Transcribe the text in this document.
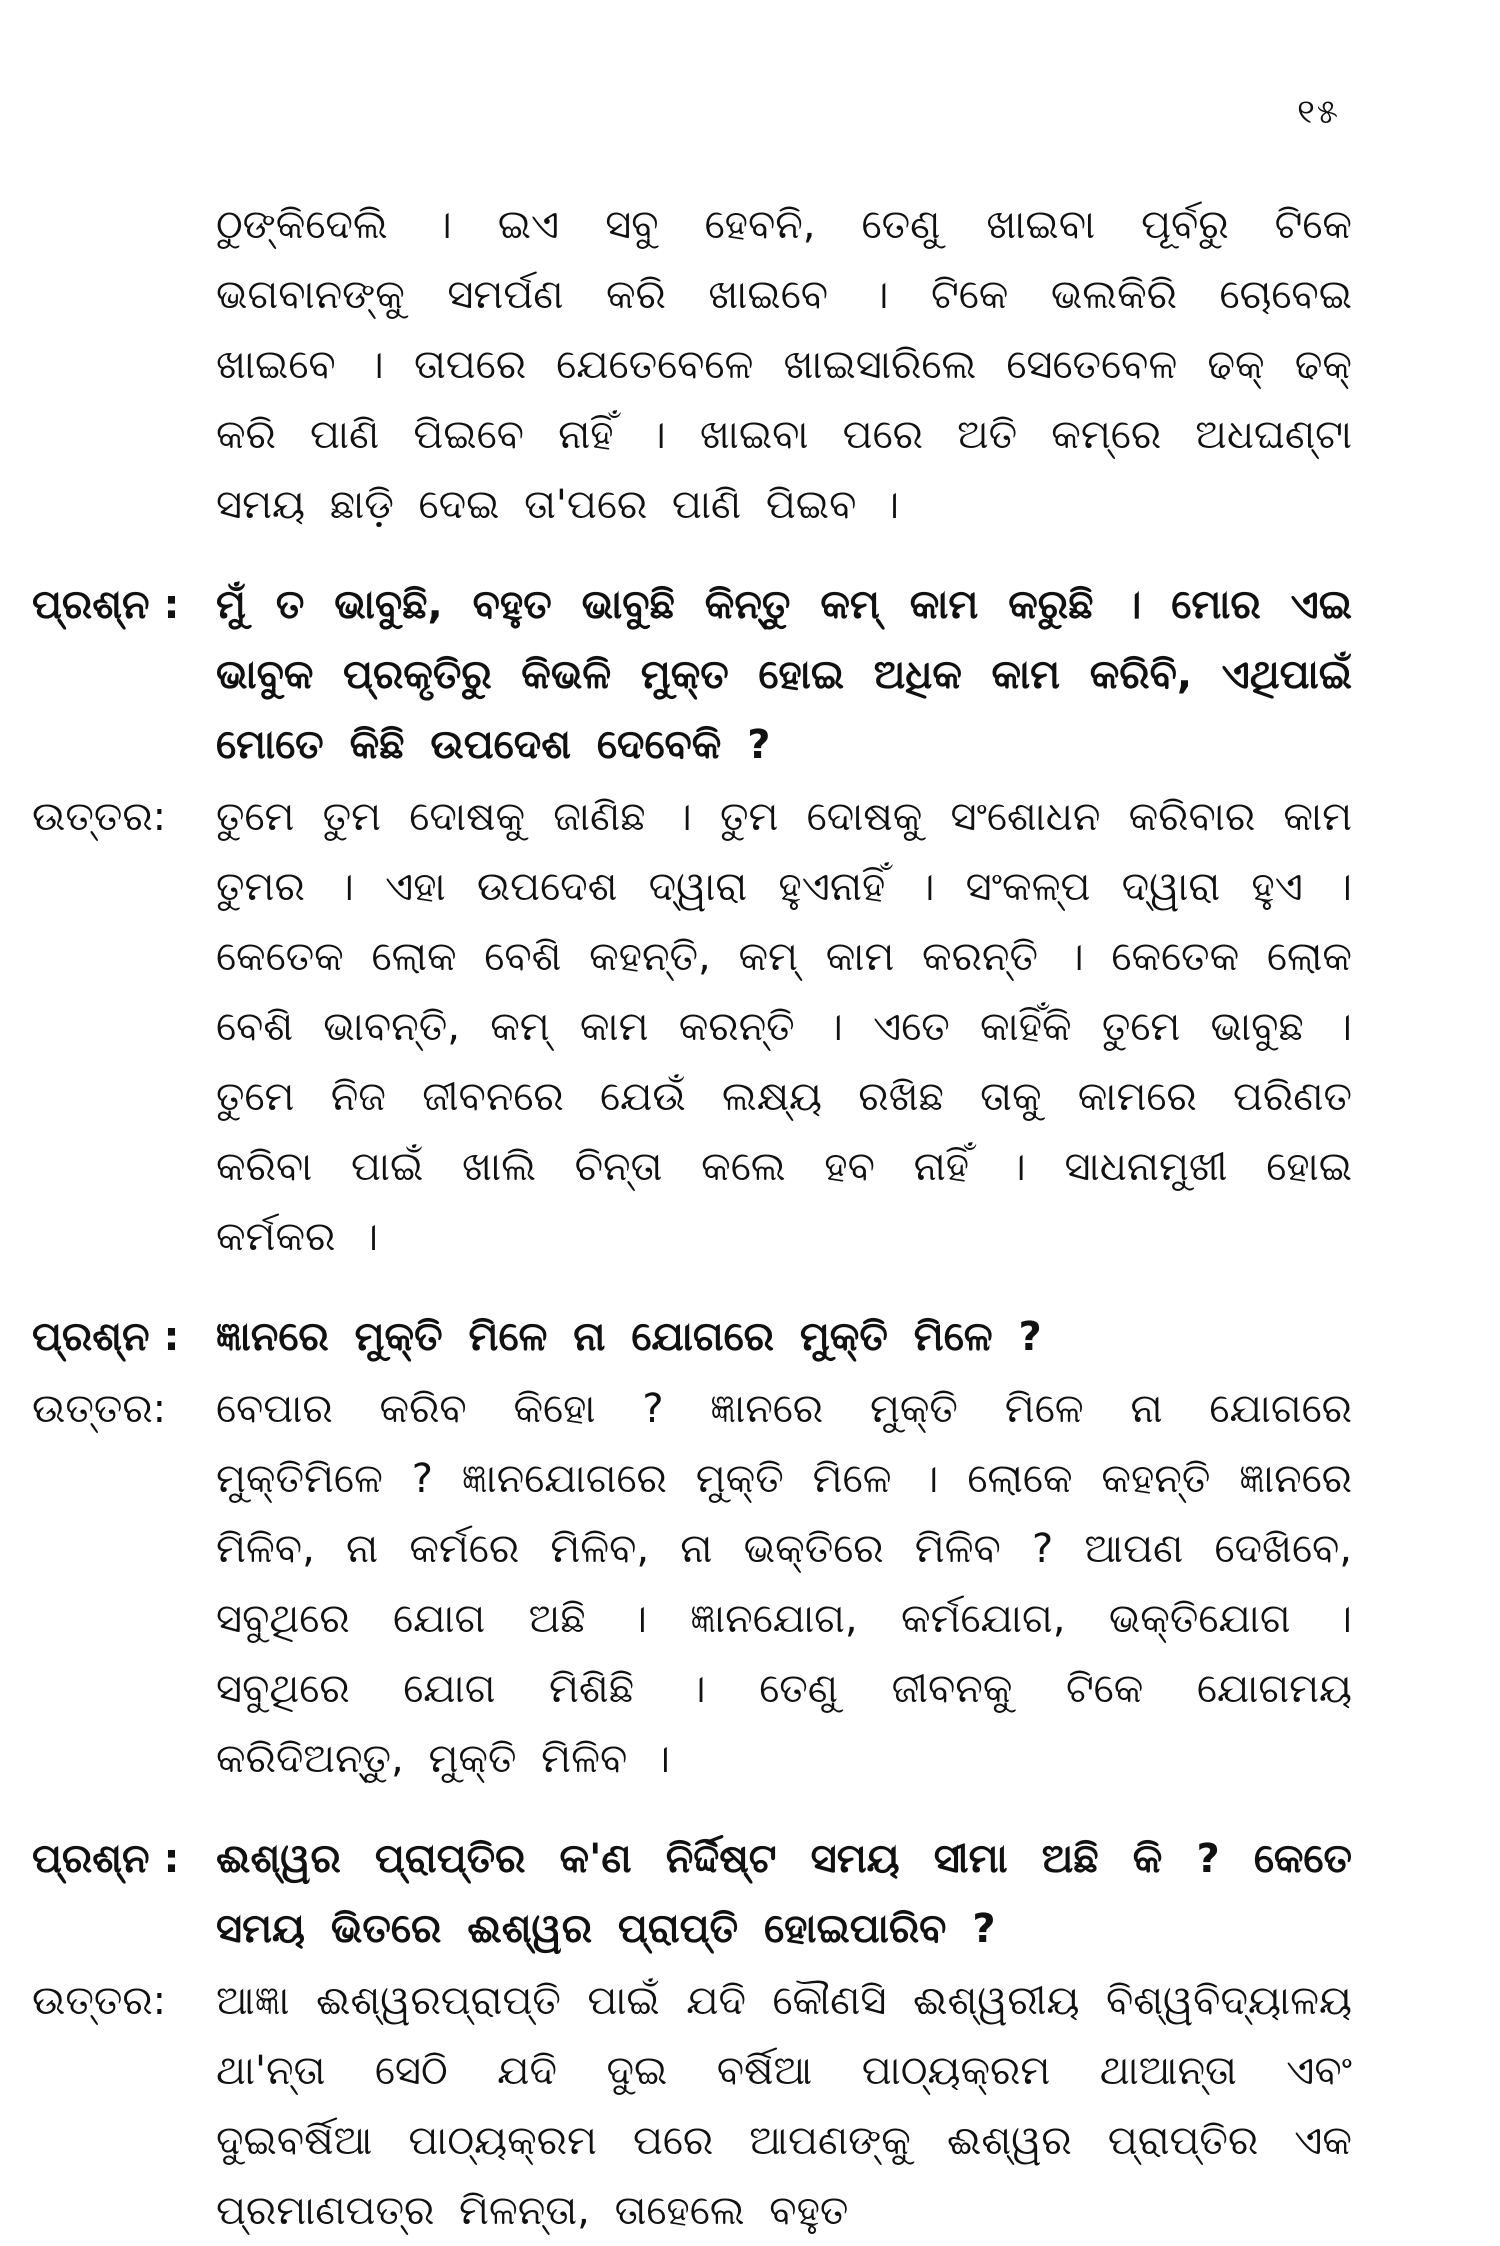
୧୫
ଠୁଙ୍କିଦେଲି । ଇଏ ସବୁ ହେବନି, ତେଣୁ ଖାଇବା ପୂର୍ବରୁ ଟିକେ ଭଗବାନଙ୍କୁ ସମର୍ପଣ କରି ଖାଇବେ । ଟିକେ ଭଲକିରି ଚୋବେଇ ଖାଇବେ । ତାପରେ ଯେତେବେଳେ ଖାଇସାରିଲେ ସେତେବେଳ ଢକ୍ ଢକ୍ କରି ପାଣି ପିଇବେ ନାହିଁ । ଖାଇବା ପରେ ଅତି କମ୍‌ରେ ଅଧଘଣ୍ଟା ସମୟ ଛାଡ଼ି ଦେଇ ତା'ପରେ ପାଣି ପିଇବ ।
ପ୍ରଶ୍ନ : ମୁଁ ତ ଭାବୁଛି, ବହୁତ ଭାବୁଛି କିନ୍ତୁ କମ୍ କାମ କରୁଛି । ମୋର ଏଇ ଭାବୁକ ପ୍ରକୃତିରୁ କିଭଳି ମୁକ୍ତ ହୋଇ ଅଧିକ କାମ କରିବି, ଏଥିପାଇଁ ମୋତେ କିଛି ଉପଦେଶ ଦେବେକି ?
ଉତ୍ତର:	ତୁମେ ତୁମ ଦୋଷକୁ ଜାଣିଛ । ତୁମ ଦୋଷକୁ ସଂଶୋଧନ କରିବାର କାମ ତୁମର । ଏହା ଉପଦେଶ ଦ୍ୱାରା ହୁଏନାହିଁ । ସଂକଳ୍ପ ଦ୍ୱାରା ହୁଏ । କେତେକ ଲୋକ ବେଶି କହନ୍ତି, କମ୍ କାମ କରନ୍ତି । କେତେକ ଲୋକ ବେଶି ଭାବନ୍ତି, କମ୍ କାମ କରନ୍ତି । ଏତେ କାହିଁକି ତୁମେ ଭାବୁଛ । ତୁମେ ନିଜ ଜୀବନରେ ଯେଉଁ ଲକ୍ଷ୍ୟ ରଖିଛ ତାକୁ କାମରେ ପରିଣତ କରିବା ପାଇଁ ଖାଲି ଚିନ୍ତା କଲେ ହବ ନାହିଁ । ସାଧନାମୁଖୀ ହୋଇ କର୍ମକର ।
ପ୍ରଶ୍ନ : ଜ୍ଞାନରେ ମୁକ୍ତି ମିଳେ ନା ଯୋଗରେ ମୁକ୍ତି ମିଳେ ?
ଉତ୍ତର:	ବେପାର କରିବ କିହୋ ? ଜ୍ଞାନରେ ମୁକ୍ତି ମିଳେ ନା ଯୋଗରେ ମୁକ୍ତିମିଳେ ? ଜ୍ଞାନଯୋଗରେ ମୁକ୍ତି ମିଳେ । ଲୋକେ କହନ୍ତି ଜ୍ଞାନରେ ମିଳିବ, ନା କର୍ମରେ ମିଳିବ, ନା ଭକ୍ତିରେ ମିଳିବ ? ଆପଣ ଦେଖିବେ, ସବୁଥିରେ ଯୋଗ ଅଛି । ଜ୍ଞାନଯୋଗ, କର୍ମଯୋଗ, ଭକ୍ତିଯୋଗ । ସବୁଥିରେ ଯୋଗ ମିଶିଛି । ତେଣୁ ଜୀବନକୁ ଟିକେ ଯୋଗମୟ କରିଦିଅନ୍ତୁ, ମୁକ୍ତି ମିଳିବ ।
ପ୍ରଶ୍ନ : ଈଶ୍ୱର ପ୍ରାପ୍ତିର କ'ଣ ନିର୍ଦ୍ଦିଷ୍ଟ ସମୟ ସୀମା ଅଛି କି ? କେତେ ସମୟ ଭିତରେ ଈଶ୍ୱର ପ୍ରାପ୍ତି ହୋଇପାରିବ ?
ଉତ୍ତର:	ଆଜ୍ଞା ଈଶ୍ୱରପ୍ରାପ୍ତି ପାଇଁ ଯଦି କୌଣସି ଈଶ୍ୱରୀୟ ବିଶ୍ୱବିଦ୍ୟାଳୟ ଥା'ନ୍ତା ସେଠି ଯଦି ଦୁଇ ବର୍ଷିଆ ପାଠ୍ୟକ୍ରମ ଥାଆନ୍ତା ଏବଂ ଦୁଇବର୍ଷିଆ ପାଠ୍ୟକ୍ରମ ପରେ ଆପଣଙ୍କୁ ଈଶ୍ୱର ପ୍ରାପ୍ତିର ଏକ ପ୍ରମାଣପତ୍ର ମିଳନ୍ତା, ତାହେଲେ ବହୁତ
